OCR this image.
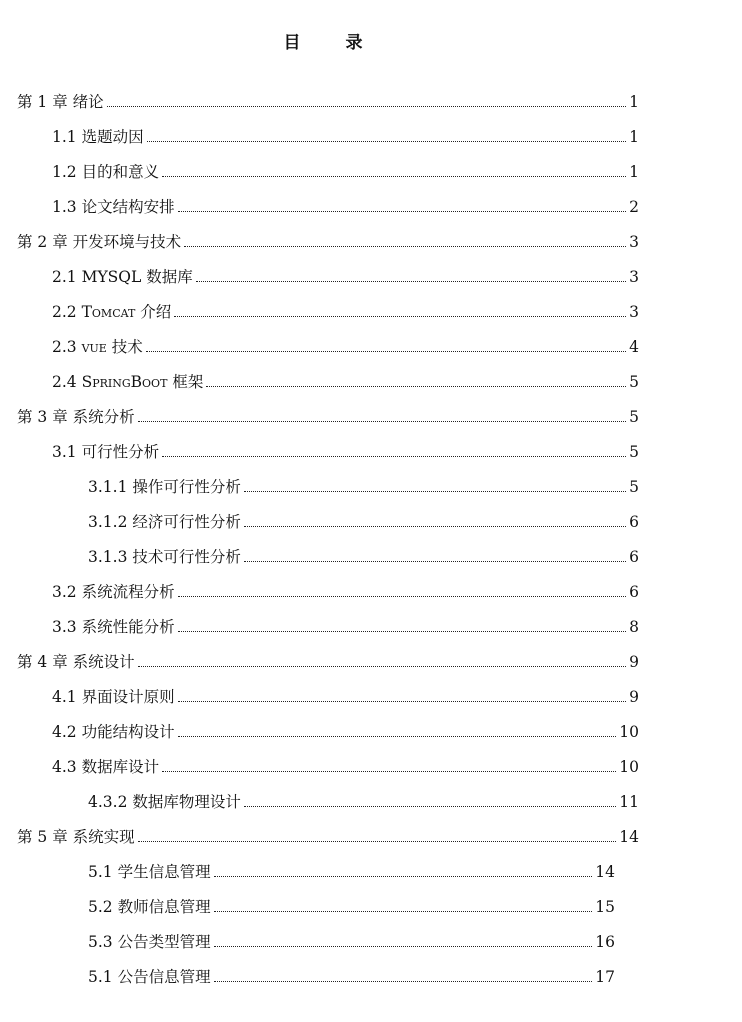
目　录
第 1 章 绪论	1
1.1 选题动因	1
1.2 目的和意义	1
1.3 论文结构安排	2
第 2 章 开发环境与技术	3
2.1 MYSQL 数据库	3
2.2 Tomcat 介绍	3
2.3 vue 技术	4
2.4 SpringBoot 框架	5
第 3 章 系统分析	5
3.1 可行性分析	5
3.1.1 操作可行性分析	5
3.1.2 经济可行性分析	6
3.1.3 技术可行性分析	6
3.2 系统流程分析	6
3.3 系统性能分析	8
第 4 章 系统设计	9
4.1 界面设计原则	9
4.2 功能结构设计	10
4.3 数据库设计	10
4.3.2 数据库物理设计	11
第 5 章 系统实现	14
5.1 学生信息管理	14
5.2 教师信息管理	15
5.3 公告类型管理	16
5.1 公告信息管理	17
